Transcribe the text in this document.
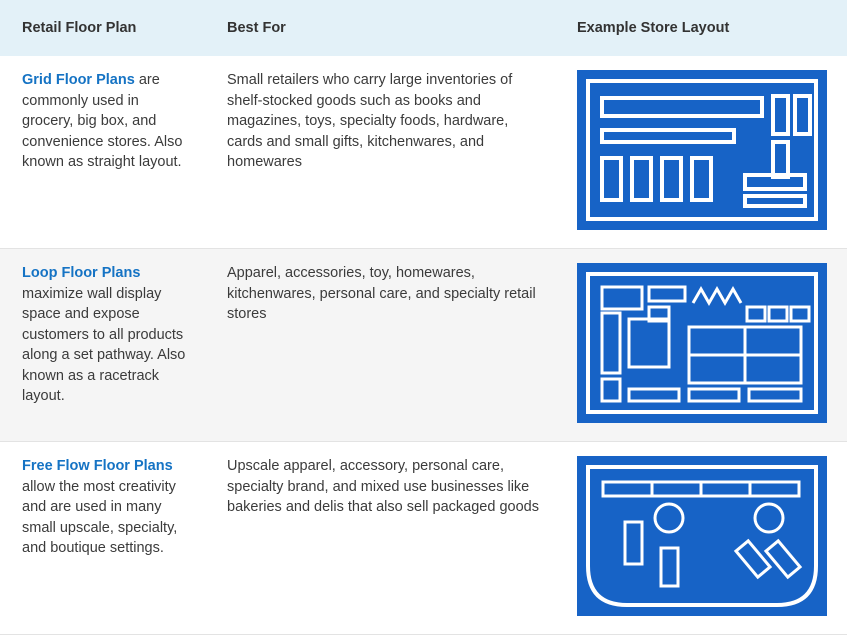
Retail Floor Plan	Best For	Example Store Layout
Grid Floor Plans are commonly used in grocery, big box, and convenience stores. Also known as straight layout.	Small retailers who carry large inventories of shelf-stocked goods such as books and magazines, toys, specialty foods, hardware, cards and small gifts, kitchenwares, and homewares	

Loop Floor Plans maximize wall display space and expose customers to all products along a set pathway. Also known as a racetrack layout.	Apparel, accessories, toy, homewares, kitchenwares, personal care, and specialty retail stores	

Free Flow Floor Plans allow the most creativity and are used in many small upscale, specialty, and boutique settings.	Upscale apparel, accessory, personal care, specialty brand, and mixed use businesses like bakeries and delis that also sell packaged goods	
